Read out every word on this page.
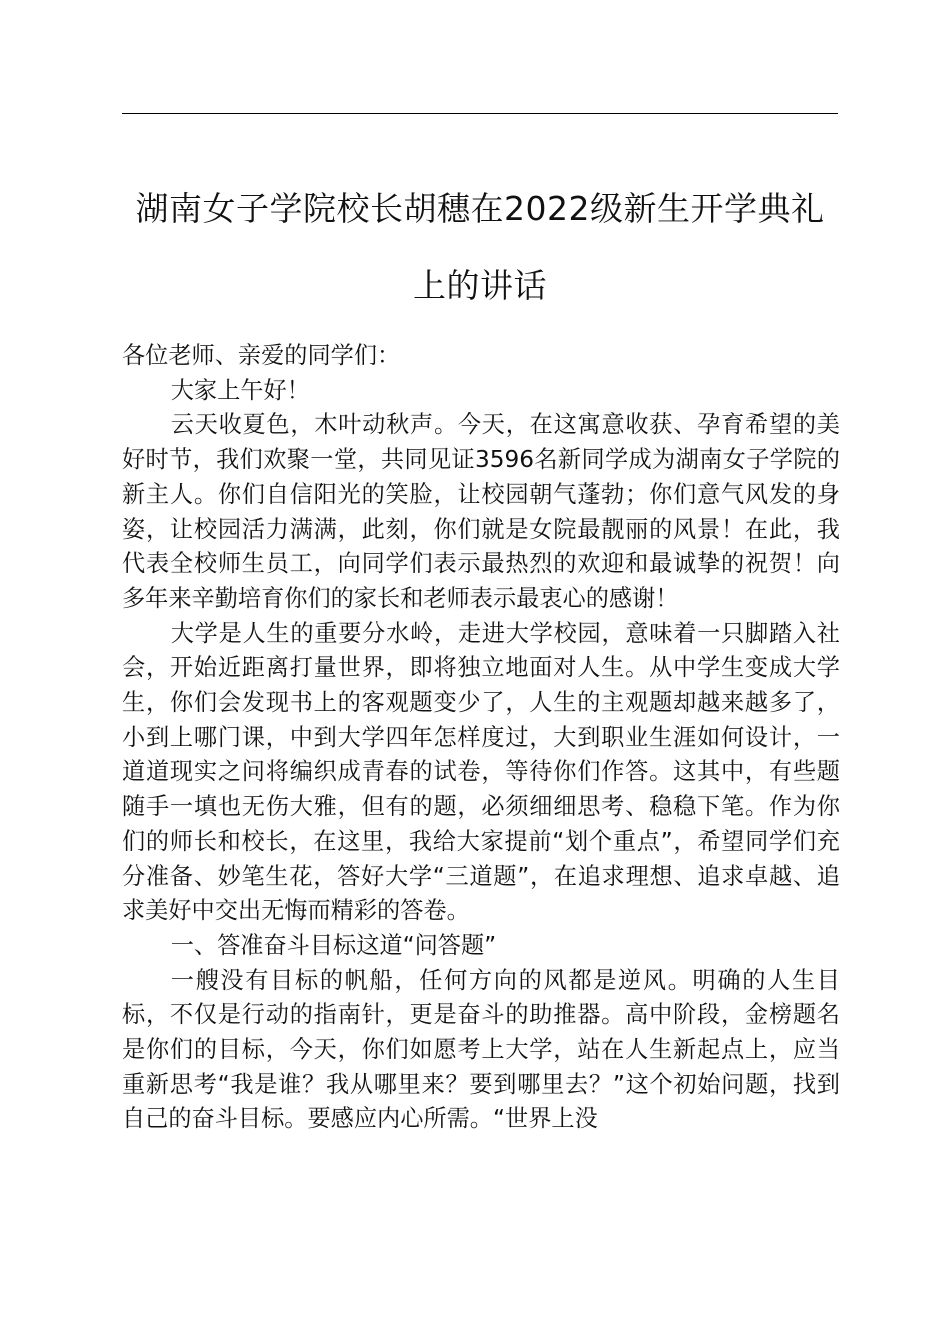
湖南女子学院校长胡穗在2022级新生开学典礼上的讲话

各位老师、亲爱的同学们：

大家上午好！

云天收夏色，木叶动秋声。今天，在这寓意收获、孕育希望的美好时节，我们欢聚一堂，共同见证3596名新同学成为湖南女子学院的新主人。你们自信阳光的笑脸，让校园朝气蓬勃；你们意气风发的身姿，让校园活力满满，此刻，你们就是女院最靓丽的风景！在此，我代表全校师生员工，向同学们表示最热烈的欢迎和最诚挚的祝贺！向多年来辛勤培育你们的家长和老师表示最衷心的感谢！

大学是人生的重要分水岭，走进大学校园，意味着一只脚踏入社会，开始近距离打量世界，即将独立地面对人生。从中学生变成大学生，你们会发现书上的客观题变少了，人生的主观题却越来越多了，小到上哪门课，中到大学四年怎样度过，大到职业生涯如何设计，一道道现实之问将编织成青春的试卷，等待你们作答。这其中，有些题随手一填也无伤大雅，但有的题，必须细细思考、稳稳下笔。作为你们的师长和校长，在这里，我给大家提前“划个重点”，希望同学们充分准备、妙笔生花，答好大学“三道题”，在追求理想、追求卓越、追求美好中交出无悔而精彩的答卷。

一、答准奋斗目标这道“问答题”

一艘没有目标的帆船，任何方向的风都是逆风。明确的人生目标，不仅是行动的指南针，更是奋斗的助推器。高中阶段，金榜题名是你们的目标，今天，你们如愿考上大学，站在人生新起点上，应当重新思考“我是谁？我从哪里来？要到哪里去？”这个初始问题，找到自己的奋斗目标。要感应内心所需。“世界上没
